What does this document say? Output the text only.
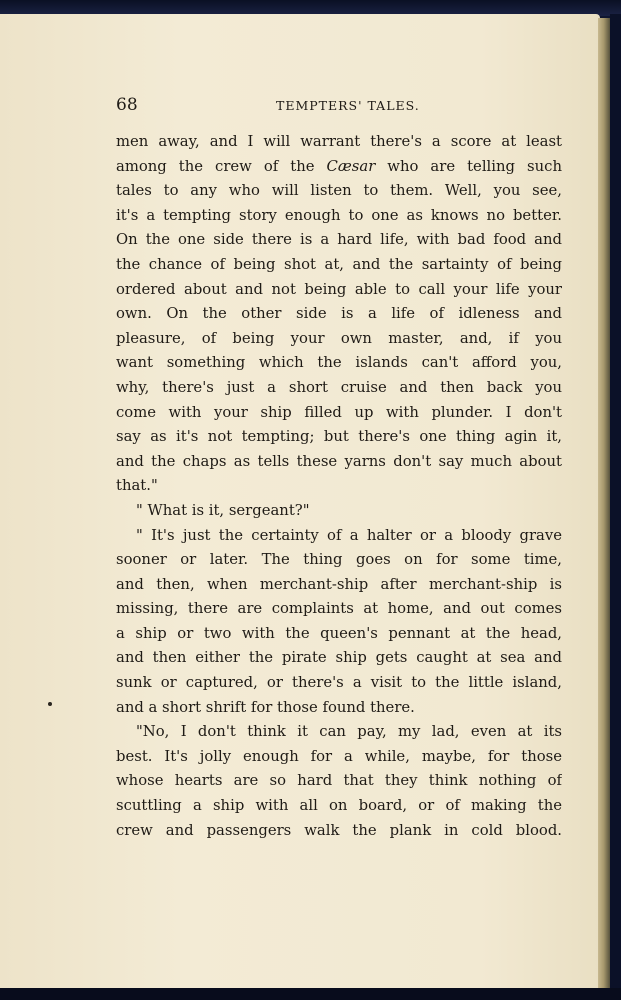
68	TEMPTERS' TALES.
men away, and I will warrant there's a score at least
among the crew of the Cæsar who are telling such
tales to any who will listen to them. Well, you see,
it's a tempting story enough to one as knows no better.
On the one side there is a hard life, with bad food and
the chance of being shot at, and the sartainty of being
ordered about and not being able to call your life your
own. On the other side is a life of idleness and
pleasure, of being your own master, and, if you
want something which the islands can't afford you,
why, there's just a short cruise and then back you
come with your ship filled up with plunder. I don't
say as it's not tempting; but there's one thing agin it,
and the chaps as tells these yarns don't say much about
that."
" What is it, sergeant?"
" It's just the certainty of a halter or a bloody grave
sooner or later. The thing goes on for some time,
and then, when merchant-ship after merchant-ship is
missing, there are complaints at home, and out comes
a ship or two with the queen's pennant at the head,
and then either the pirate ship gets caught at sea and
sunk or captured, or there's a visit to the little island,
and a short shrift for those found there.
"No, I don't think it can pay, my lad, even at its
best. It's jolly enough for a while, maybe, for those
whose hearts are so hard that they think nothing of
scuttling a ship with all on board, or of making the
crew and passengers walk the plank in cold blood.
